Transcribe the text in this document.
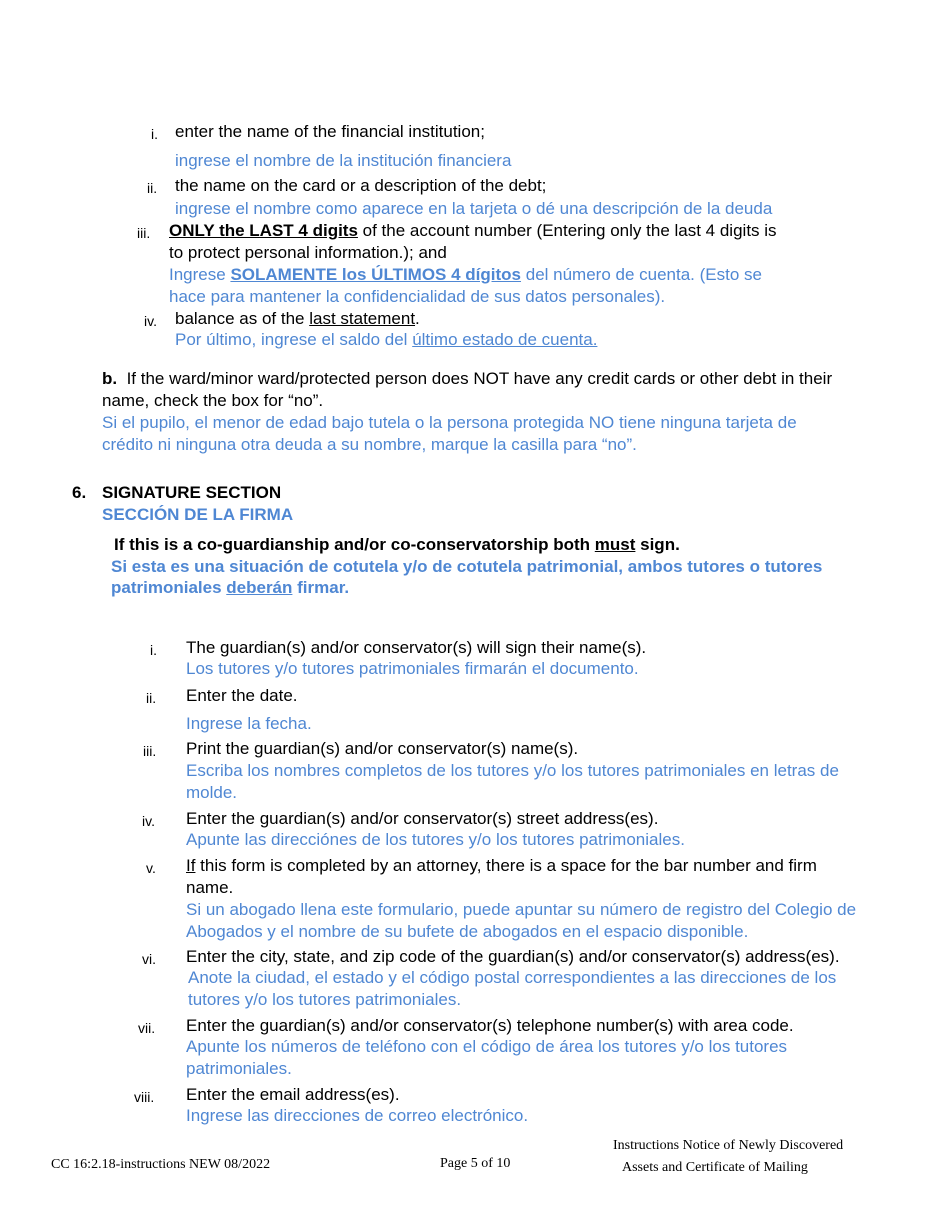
i. enter the name of the financial institution;
ingrese el nombre de la institución financiera
ii. the name on the card or a description of the debt;
ingrese el nombre como aparece en la tarjeta o dé una descripción de la deuda
iii. ONLY the LAST 4 digits of the account number (Entering only the last 4 digits is
to protect personal information.); and
Ingrese SOLAMENTE los ÚLTIMOS 4 dígitos del número de cuenta. (Esto se
hace para mantener la confidencialidad de sus datos personales).
iv. balance as of the last statement.
Por último, ingrese el saldo del último estado de cuenta.
b. If the ward/minor ward/protected person does NOT have any credit cards or other debt in their
name, check the box for “no”.
Si el pupilo, el menor de edad bajo tutela o la persona protegida NO tiene ninguna tarjeta de
crédito ni ninguna otra deuda a su nombre, marque la casilla para “no”.
6. SIGNATURE SECTION
SECCIÓN DE LA FIRMA
If this is a co-guardianship and/or co-conservatorship both must sign.
Si esta es una situación de cotutela y/o de cotutela patrimonial, ambos tutores o tutores
patrimoniales deberán firmar.
i. The guardian(s) and/or conservator(s) will sign their name(s).
Los tutores y/o tutores patrimoniales firmarán el documento.
ii. Enter the date.
Ingrese la fecha.
iii. Print the guardian(s) and/or conservator(s) name(s).
Escriba los nombres completos de los tutores y/o los tutores patrimoniales en letras de
molde.
iv. Enter the guardian(s) and/or conservator(s) street address(es).
Apunte las direcciónes de los tutores y/o los tutores patrimoniales.
v. If this form is completed by an attorney, there is a space for the bar number and firm
name.
Si un abogado llena este formulario, puede apuntar su número de registro del Colegio de
Abogados y el nombre de su bufete de abogados en el espacio disponible.
vi. Enter the city, state, and zip code of the guardian(s) and/or conservator(s) address(es).
Anote la ciudad, el estado y el código postal correspondientes a las direcciones de los
tutores y/o los tutores patrimoniales.
vii. Enter the guardian(s) and/or conservator(s) telephone number(s) with area code.
Apunte los números de teléfono con el código de área los tutores y/o los tutores
patrimoniales.
viii. Enter the email address(es).
Ingrese las direcciones de correo electrónico.
CC 16:2.18-instructions NEW 08/2022	Page 5 of 10
Instructions Notice of Newly Discovered
Assets and Certificate of Mailing
